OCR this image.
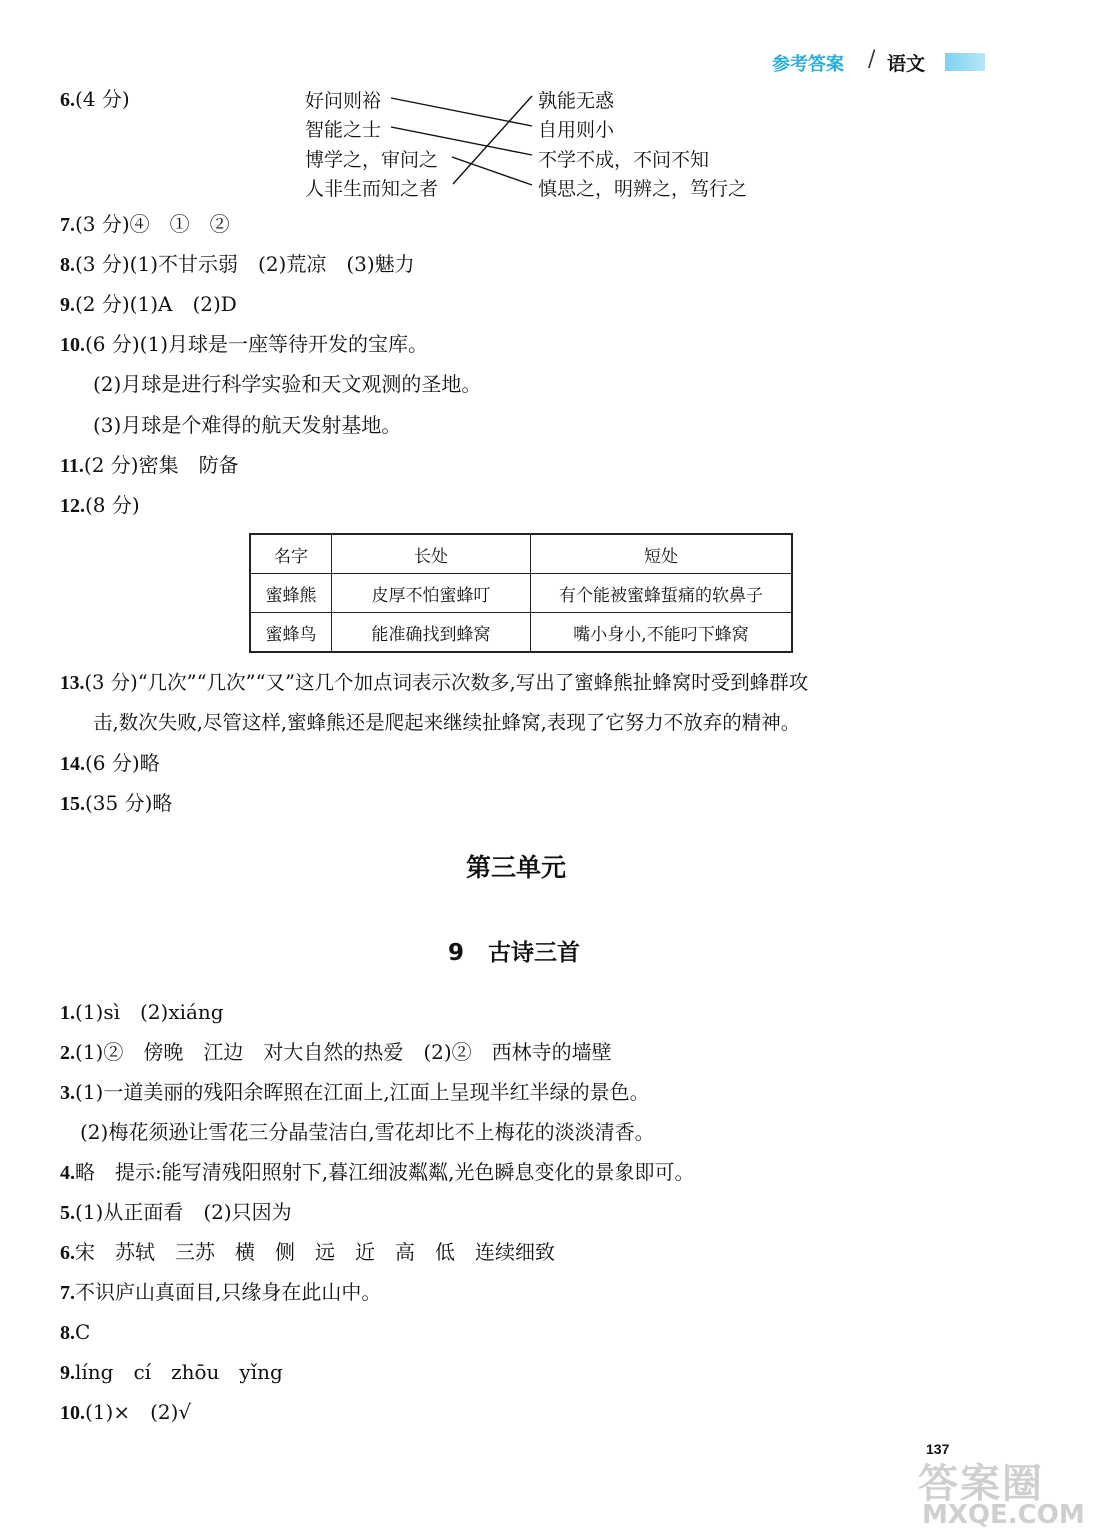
参考答案 / 语文
6.(4 分)	好问则裕
智能之士
博学之，审问之
人非生而知之者
孰能无惑
自用则小
不学不成，不问不知
慎思之，明辨之，笃行之
7.(3 分)④　①　②
8.(3 分)(1)不甘示弱　(2)荒凉　(3)魅力
9.(2 分)(1)A　(2)D
10.(6 分)(1)月球是一座等待开发的宝库。
(2)月球是进行科学实验和天文观测的圣地。
(3)月球是个难得的航天发射基地。
11.(2 分)密集　防备
12.(8 分)
名字	长处	短处
蜜蜂熊	皮厚不怕蜜蜂叮	有个能被蜜蜂蜇痛的软鼻子
蜜蜂鸟	能准确找到蜂窝	嘴小身小,不能叼下蜂窝
13.(3 分)“几次”“几次”“又”这几个加点词表示次数多,写出了蜜蜂熊扯蜂窝时受到蜂群攻
击,数次失败,尽管这样,蜜蜂熊还是爬起来继续扯蜂窝,表现了它努力不放弃的精神。
14.(6 分)略
15.(35 分)略
第三单元
9 古诗三首
1.(1)sì　(2)xiáng
2.(1)②　傍晚　江边　对大自然的热爱　(2)②　西林寺的墙壁
3.(1)一道美丽的残阳余晖照在江面上,江面上呈现半红半绿的景色。
(2)梅花须逊让雪花三分晶莹洁白,雪花却比不上梅花的淡淡清香。
4.略　提示:能写清残阳照射下,暮江细波粼粼,光色瞬息变化的景象即可。
5.(1)从正面看　(2)只因为
6.宋　苏轼　三苏　横　侧　远　近　高　低　连续细致
7.不识庐山真面目,只缘身在此山中。
8.C
9.líng　cí　zhōu　yǐng
10.(1)×　(2)√
137
答案圈
MXQE.COM
